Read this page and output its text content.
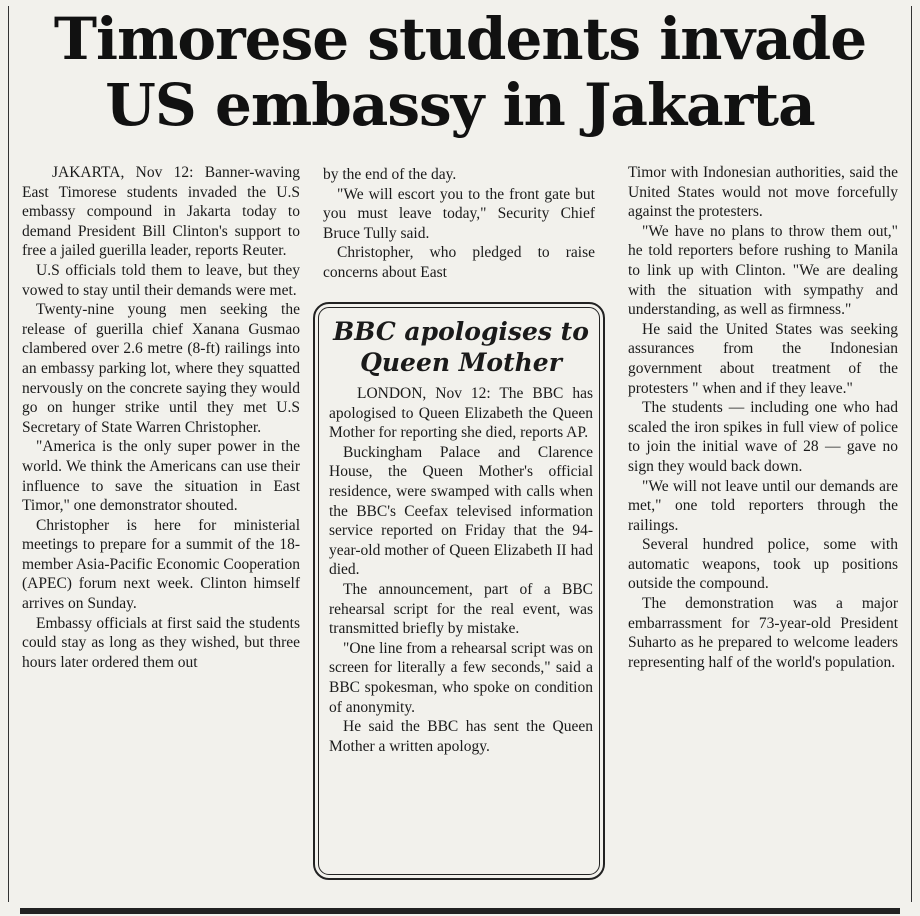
Timorese students invade
US embassy in Jakarta

JAKARTA, Nov 12: Banner-waving East Timorese students invaded the U.S embassy compound in Jakarta today to demand President Bill Clinton's support to free a jailed guerilla leader, reports Reuter.

U.S officials told them to leave, but they vowed to stay until their demands were met.

Twenty-nine young men seeking the release of guerilla chief Xanana Gusmao clambered over 2.6 metre (8-ft) railings into an embassy parking lot, where they squatted nervously on the concrete saying they would go on hunger strike until they met U.S Secretary of State Warren Christopher.

"America is the only super power in the world. We think the Americans can use their influence to save the situation in East Timor," one demonstrator shouted.

Christopher is here for ministerial meetings to prepare for a summit of the 18-member Asia-Pacific Economic Cooperation (APEC) forum next week. Clinton himself arrives on Sunday.

Embassy officials at first said the students could stay as long as they wished, but three hours later ordered them out

by the end of the day.

"We will escort you to the front gate but you must leave today," Security Chief Bruce Tully said.

Christopher, who pledged to raise concerns about East

BBC apologises to
Queen Mother

LONDON, Nov 12: The BBC has apologised to Queen Elizabeth the Queen Mother for reporting she died, reports AP.

Buckingham Palace and Clarence House, the Queen Mother's official residence, were swamped with calls when the BBC's Ceefax televised information service reported on Friday that the 94-year-old mother of Queen Elizabeth II had died.

The announcement, part of a BBC rehearsal script for the real event, was transmitted briefly by mistake.

"One line from a rehearsal script was on screen for literally a few seconds," said a BBC spokesman, who spoke on condition of anonymity.

He said the BBC has sent the Queen Mother a written apology.

Timor with Indonesian authorities, said the United States would not move forcefully against the protesters.

"We have no plans to throw them out," he told reporters before rushing to Manila to link up with Clinton. "We are dealing with the situation with sympathy and understanding, as well as firmness."

He said the United States was seeking assurances from the Indonesian government about treatment of the protesters " when and if they leave."

The students — including one who had scaled the iron spikes in full view of police to join the initial wave of 28 — gave no sign they would back down.

"We will not leave until our demands are met," one told reporters through the railings.

Several hundred police, some with automatic weapons, took up positions outside the compound.

The demonstration was a major embarrassment for 73-year-old President Suharto as he prepared to welcome leaders representing half of the world's population.
